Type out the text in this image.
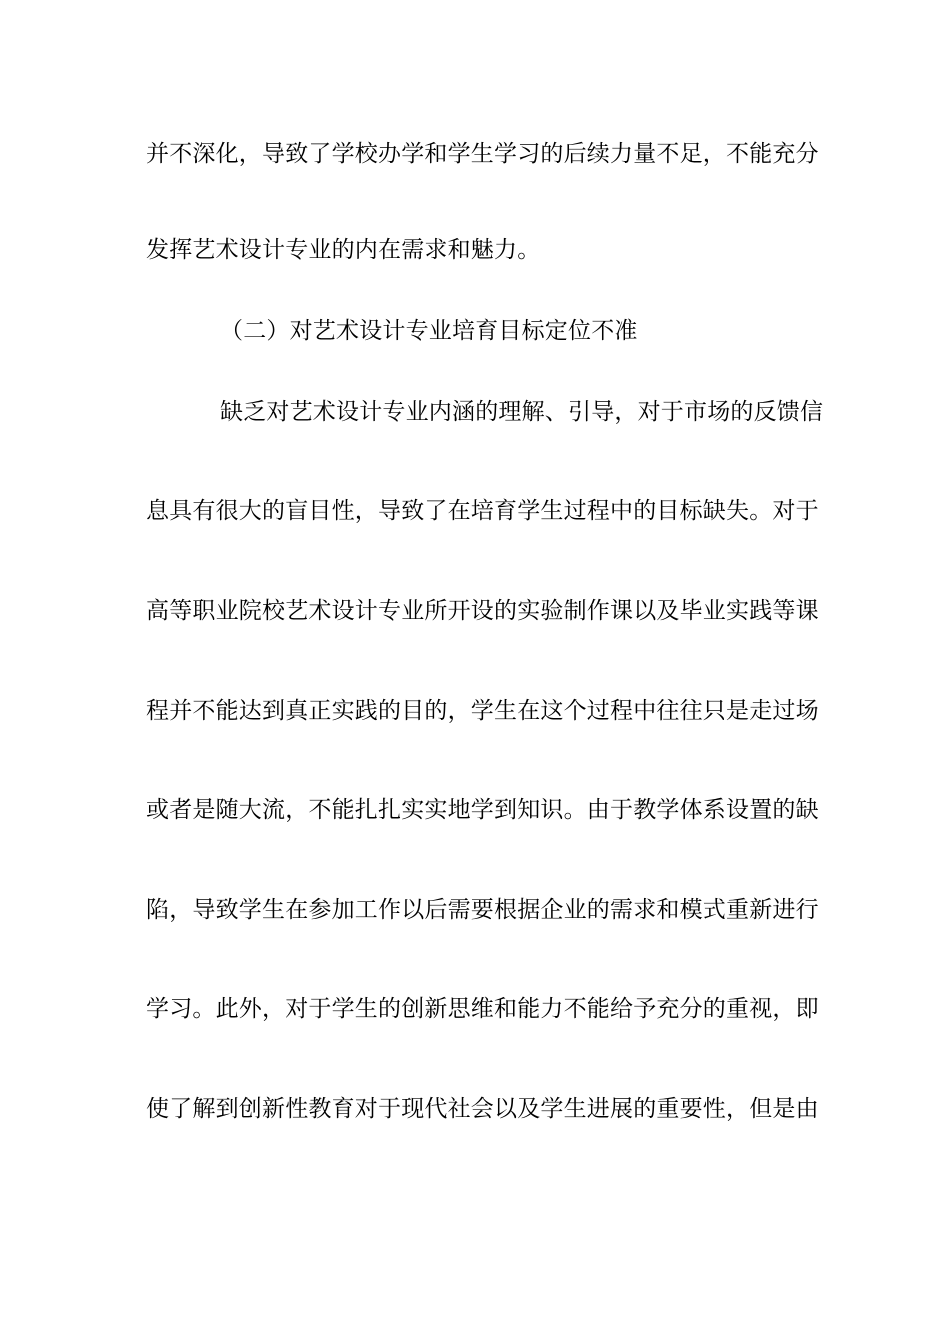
并不深化，导致了学校办学和学生学习的后续力量不足，不能充分
发挥艺术设计专业的内在需求和魅力。
（二）对艺术设计专业培育目标定位不准
缺乏对艺术设计专业内涵的理解、引导，对于市场的反馈信
息具有很大的盲目性，导致了在培育学生过程中的目标缺失。对于
高等职业院校艺术设计专业所开设的实验制作课以及毕业实践等课
程并不能达到真正实践的目的，学生在这个过程中往往只是走过场
或者是随大流，不能扎扎实实地学到知识。由于教学体系设置的缺
陷，导致学生在参加工作以后需要根据企业的需求和模式重新进行
学习。此外，对于学生的创新思维和能力不能给予充分的重视，即
使了解到创新性教育对于现代社会以及学生进展的重要性，但是由
